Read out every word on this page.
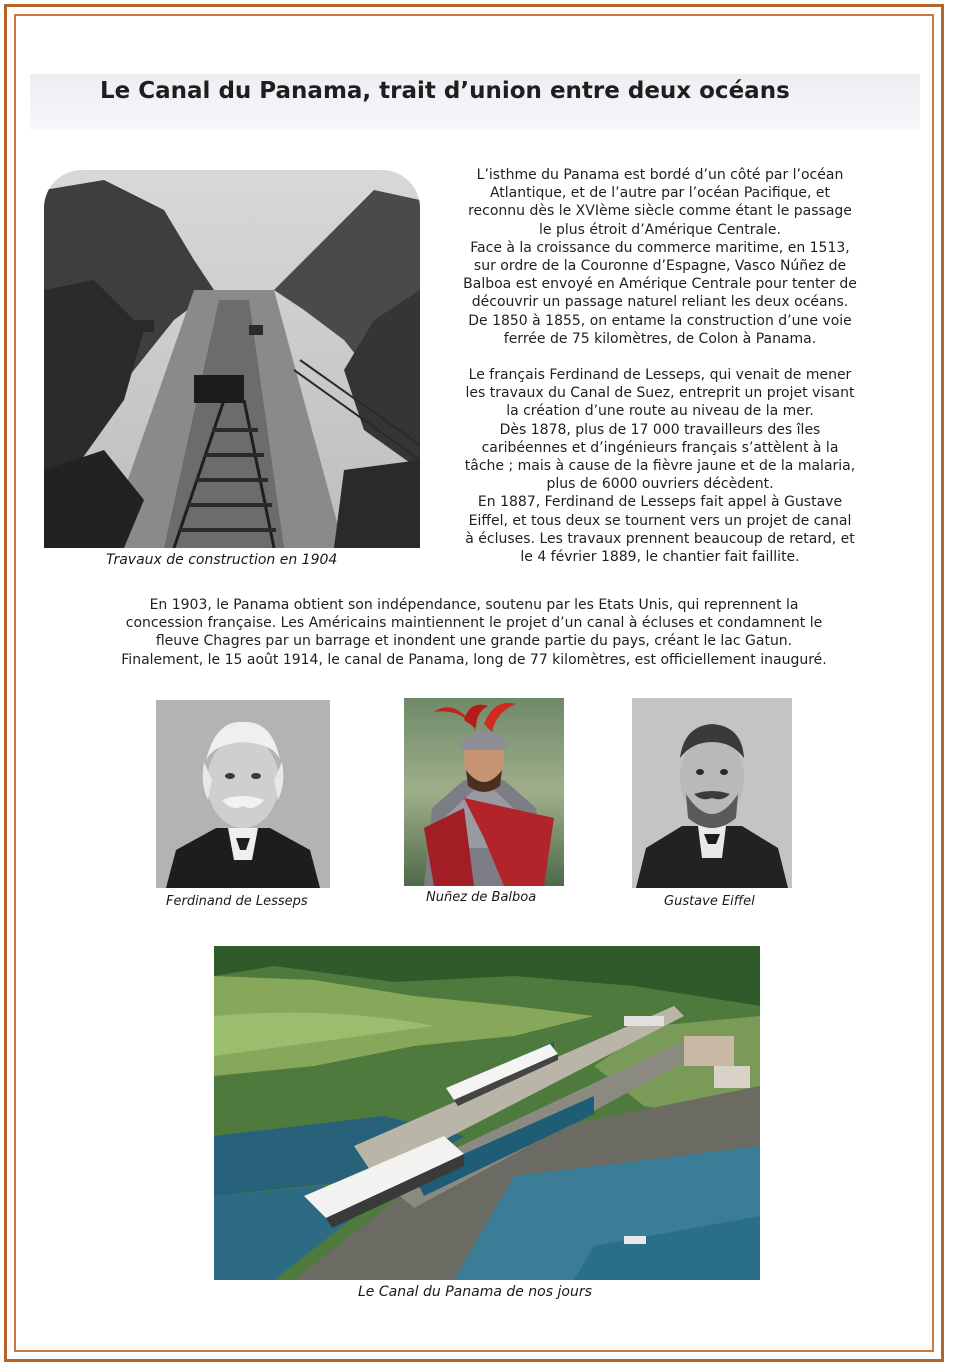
Le Canal du Panama, trait d’union entre deux océans
Travaux de construction en 1904
L’isthme du Panama est bordé d’un côté par l’océan
Atlantique, et de l’autre par l’océan Pacifique, et
reconnu dès le XVIème siècle comme étant le passage
le plus étroit d’Amérique Centrale.
Face à la croissance du commerce maritime, en 1513,
sur ordre de la Couronne d’Espagne, Vasco Núñez de
Balboa est envoyé en Amérique Centrale pour tenter de
découvrir un passage naturel reliant les deux océans.
De 1850 à 1855, on entame la construction d’une voie
ferrée de 75 kilomètres, de Colon à Panama.
Le français Ferdinand de Lesseps, qui venait de mener
les travaux du Canal de Suez, entreprit un projet visant
la création d’une route au niveau de la mer.
Dès 1878, plus de 17 000 travailleurs des îles
caribéennes et d’ingénieurs français s’attèlent à la
tâche ; mais à cause de la fièvre jaune et de la malaria,
plus de 6000 ouvriers décèdent.
En 1887, Ferdinand de Lesseps fait appel à Gustave
Eiffel, et tous deux se tournent vers un projet de canal
à écluses. Les travaux prennent beaucoup de retard, et
le 4 février 1889, le chantier fait faillite.
En 1903, le Panama obtient son indépendance, soutenu par les Etats Unis, qui reprennent la
concession française. Les Américains maintiennent le projet d’un canal à écluses et condamnent le
fleuve Chagres par un barrage et inondent une grande partie du pays, créant le lac Gatun.
Finalement, le 15 août 1914, le canal de Panama, long de 77 kilomètres, est officiellement inauguré.
Ferdinand de Lesseps	Nuñez de Balboa	Gustave Eiffel
Le Canal du Panama de nos jours
